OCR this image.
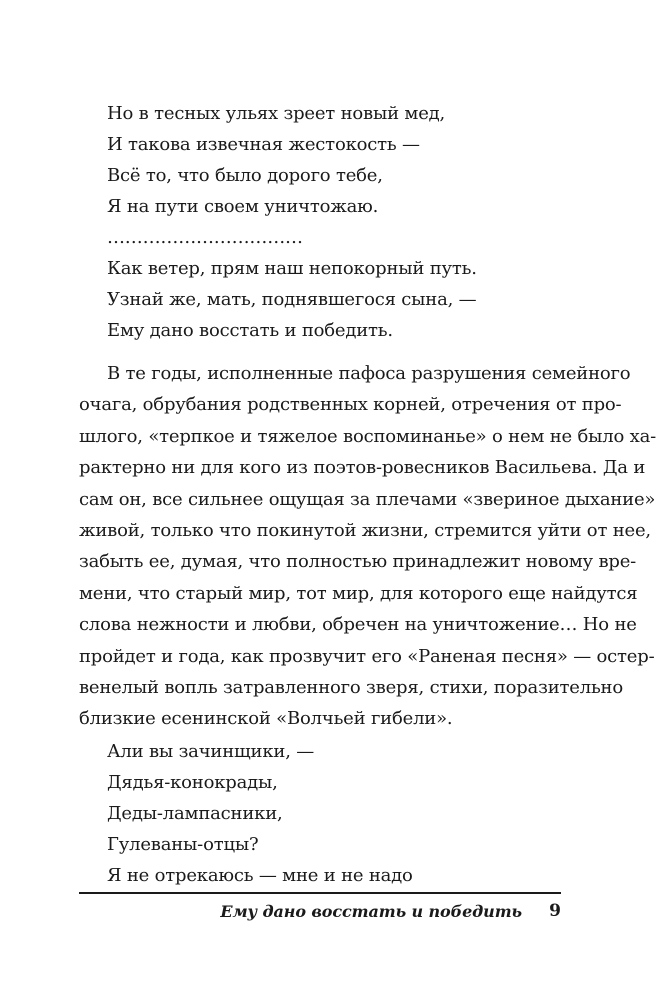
Но в тесных ульях зреет новый мед,
И такова извечная жестокость —
Всё то, что было дорого тебе,
Я на пути своем уничтожаю.
……………………………
Как ветер, прям наш непокорный путь.
Узнай же, мать, поднявшегося сына, —
Ему дано восстать и победить.
В те годы, исполненные пафоса разрушения семейного
очага, обрубания родственных корней, отречения от про-
шлого, «терпкое и тяжелое воспоминанье» о нем не было ха-
рактерно ни для кого из поэтов-ровесников Васильева. Да и
сам он, все сильнее ощущая за плечами «звериное дыхание»
живой, только что покинутой жизни, стремится уйти от нее,
забыть ее, думая, что полностью принадлежит новому вре-
мени, что старый мир, тот мир, для которого еще найдутся
слова нежности и любви, обречен на уничтожение… Но не
пройдет и года, как прозвучит его «Раненая песня» — остер-
венелый вопль затравленного зверя, стихи, поразительно
близкие есенинской «Волчьей гибели».
Али вы зачинщики, —
Дядья-конокрады,
Деды-лампасники,
Гулеваны-отцы?
Я не отрекаюсь — мне и не надо
Ему дано восстать и победить 9
